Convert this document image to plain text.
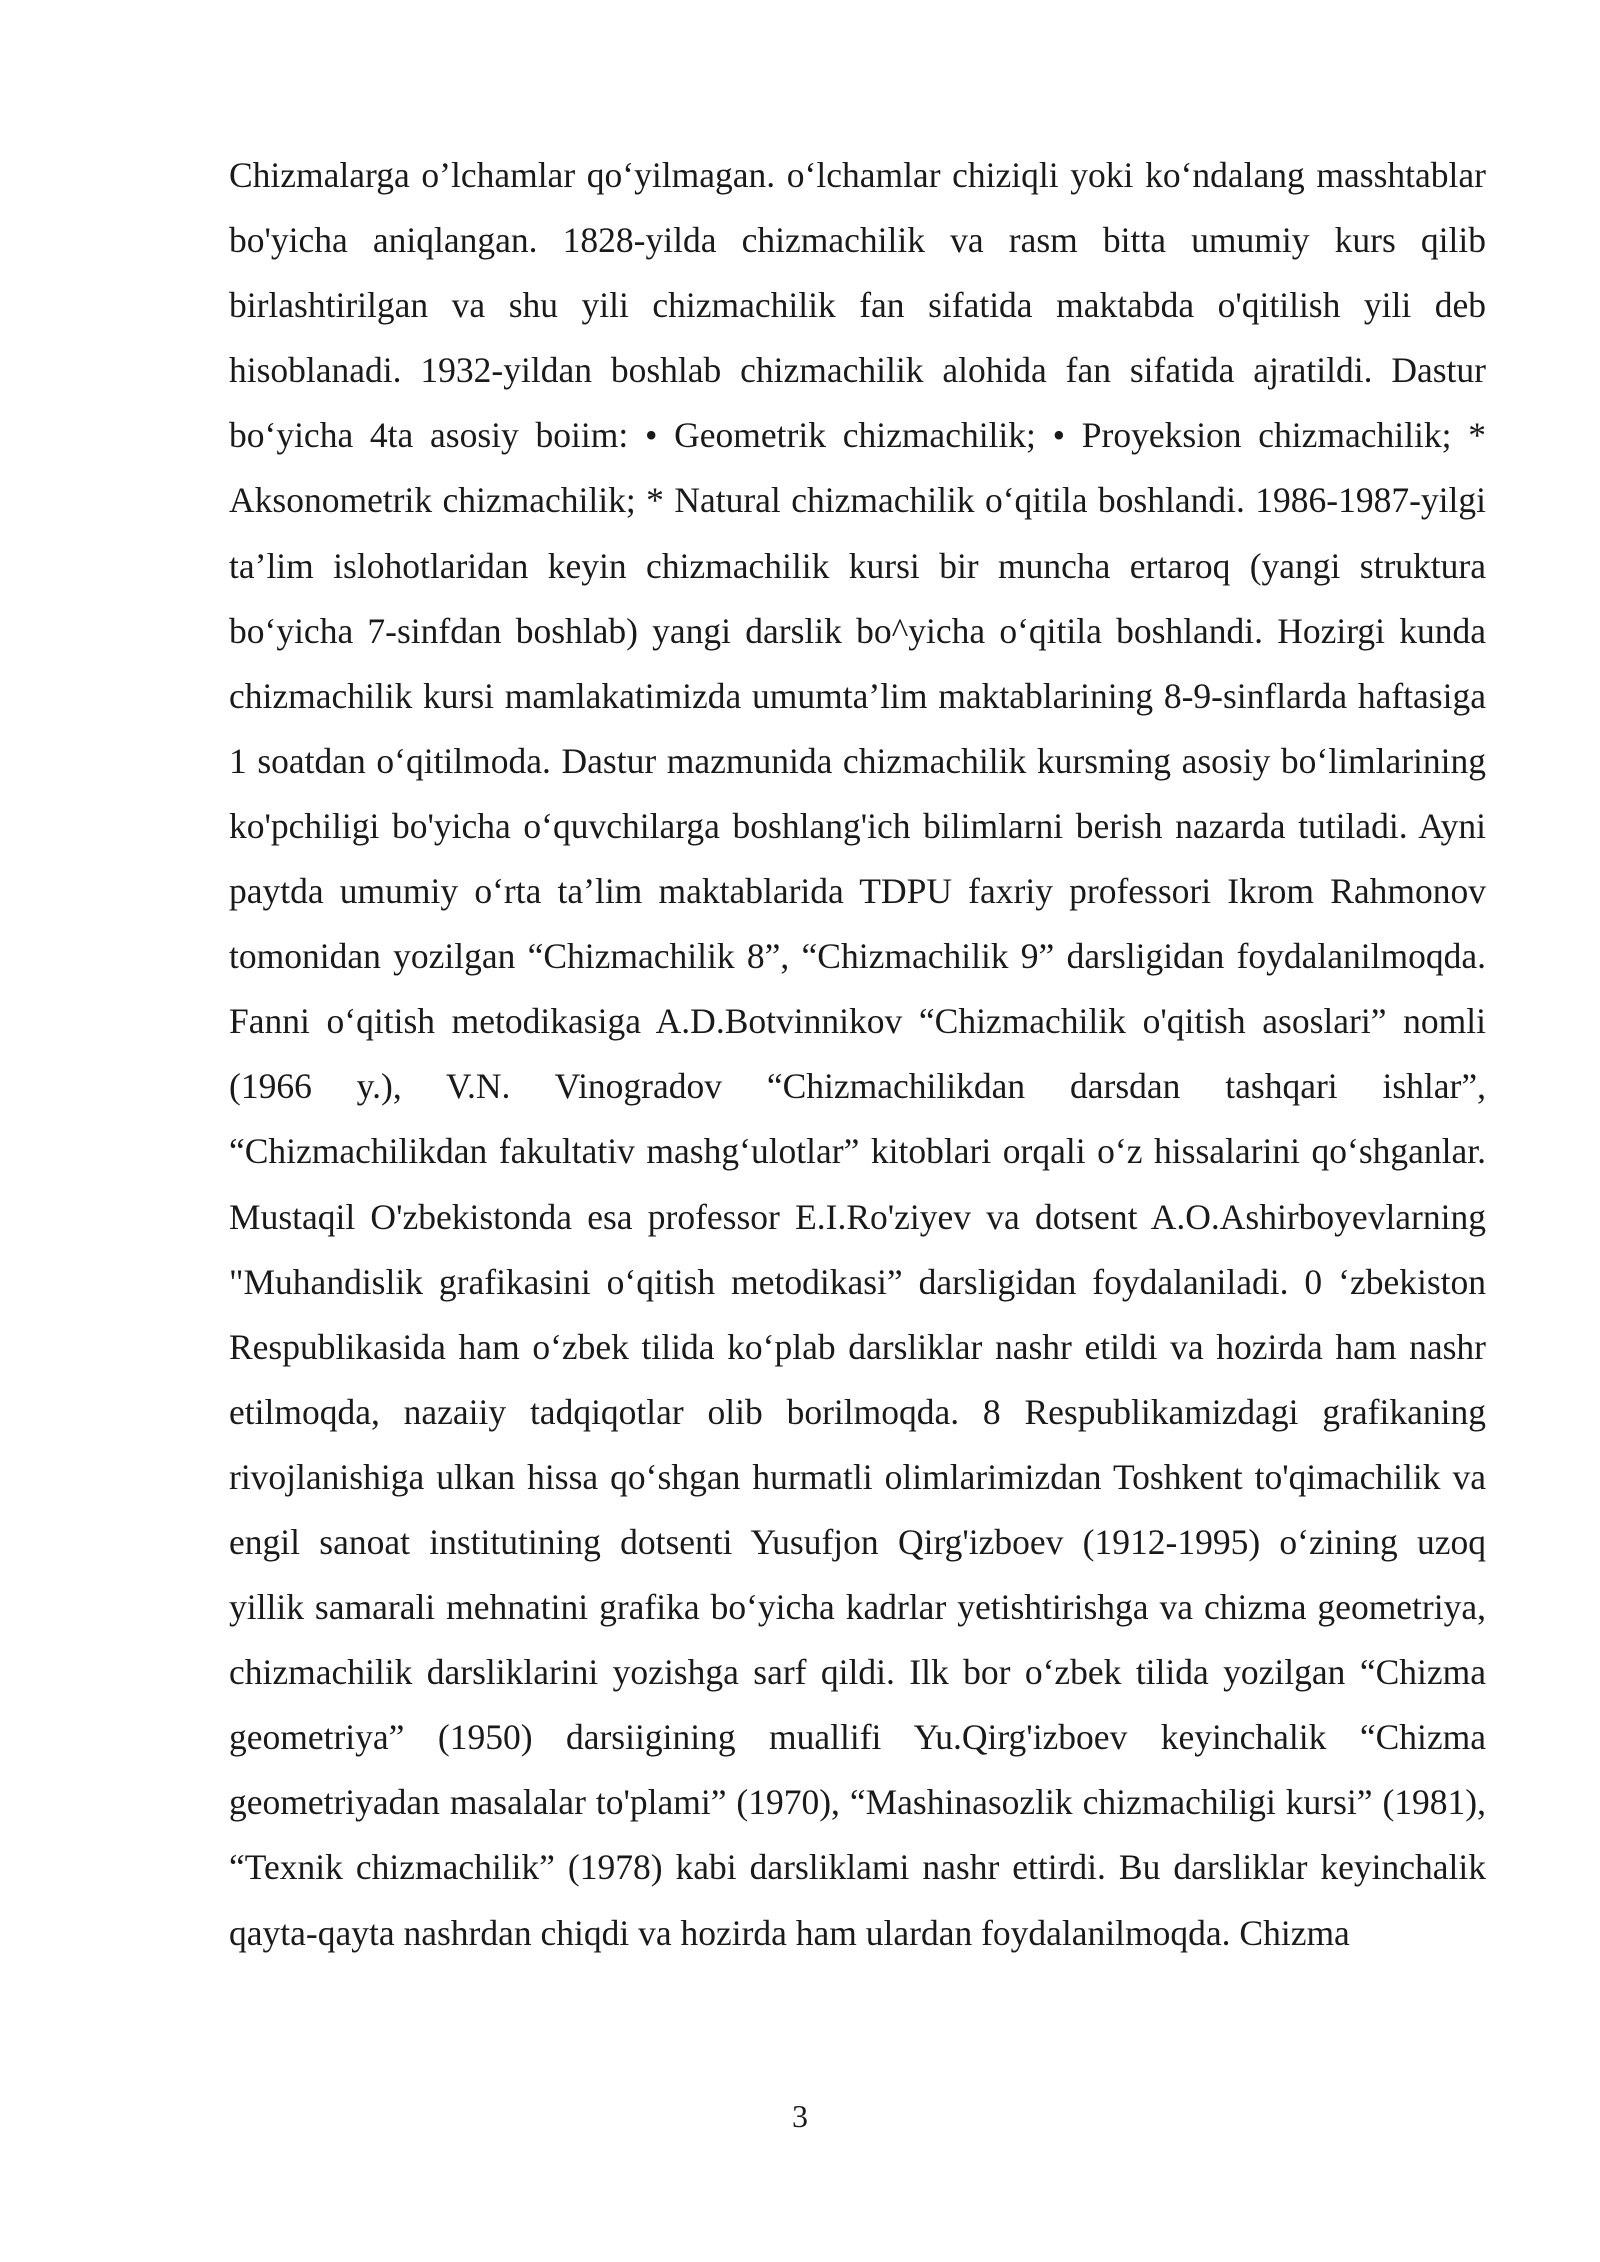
Chizmalarga o’lchamlar qo‘yilmagan. o‘lchamlar chiziqli yoki ko‘ndalang masshtablar bo'yicha aniqlangan. 1828-yilda chizmachilik va rasm bitta umumiy kurs qilib birlashtirilgan va shu yili chizmachilik fan sifatida maktabda o'qitilish yili deb hisoblanadi. 1932-yildan boshlab chizmachilik alohida fan sifatida ajratildi. Dastur bo‘yicha 4ta asosiy boiim: • Geometrik chizmachilik; • Proyeksion chizmachilik; * Aksonometrik chizmachilik; * Natural chizmachilik o‘qitila boshlandi. 1986-1987-yilgi ta’lim islohotlaridan keyin chizmachilik kursi bir muncha ertaroq (yangi struktura bo‘yicha 7-sinfdan boshlab) yangi darslik bo^yicha o‘qitila boshlandi. Hozirgi kunda chizmachilik kursi mamlakatimizda umumta’lim maktablarining 8-9-sinflarda haftasiga 1 soatdan o‘qitilmoda. Dastur mazmunida chizmachilik kursming asosiy bo‘limlarining ko'pchiligi bo'yicha o‘quvchilarga boshlang'ich bilimlarni berish nazarda tutiladi. Ayni paytda umumiy o‘rta ta’lim maktablarida TDPU faxriy professori Ikrom Rahmonov tomonidan yozilgan “Chizmachilik 8”, “Chizmachilik 9” darsligidan foydalanilmoqda. Fanni o‘qitish metodikasiga A.D.Botvinnikov “Chizmachilik o'qitish asoslari” nomli (1966 y.), V.N. Vinogradov “Chizmachilikdan darsdan tashqari ishlar”, “Chizmachilikdan fakultativ mashg‘ulotlar” kitoblari orqali o‘z hissalarini qo‘shganlar. Mustaqil O'zbekistonda esa professor E.I.Ro'ziyev va dotsent A.O.Ashirboyevlarning "Muhandislik grafikasini o‘qitish metodikasi” darsligidan foydalaniladi. 0 ‘zbekiston Respublikasida ham o‘zbek tilida ko‘plab darsliklar nashr etildi va hozirda ham nashr etilmoqda, nazaiiy tadqiqotlar olib borilmoqda. 8 Respublikamizdagi grafikaning rivojlanishiga ulkan hissa qo‘shgan hurmatli olimlarimizdan Toshkent to'qimachilik va engil sanoat institutining dotsenti Yusufjon Qirg'izboev (1912-1995) o‘zining uzoq yillik samarali mehnatini grafika bo‘yicha kadrlar yetishtirishga va chizma geometriya, chizmachilik darsliklarini yozishga sarf qildi. Ilk bor o‘zbek tilida yozilgan “Chizma geometriya” (1950) darsiigining muallifi Yu.Qirg'izboev keyinchalik “Chizma geometriyadan masalalar to'plami” (1970), “Mashinasozlik chizmachiligi kursi” (1981), “Texnik chizmachilik” (1978) kabi darsliklami nashr ettirdi. Bu darsliklar keyinchalik qayta-qayta nashrdan chiqdi va hozirda ham ulardan foydalanilmoqda. Chizma

3
